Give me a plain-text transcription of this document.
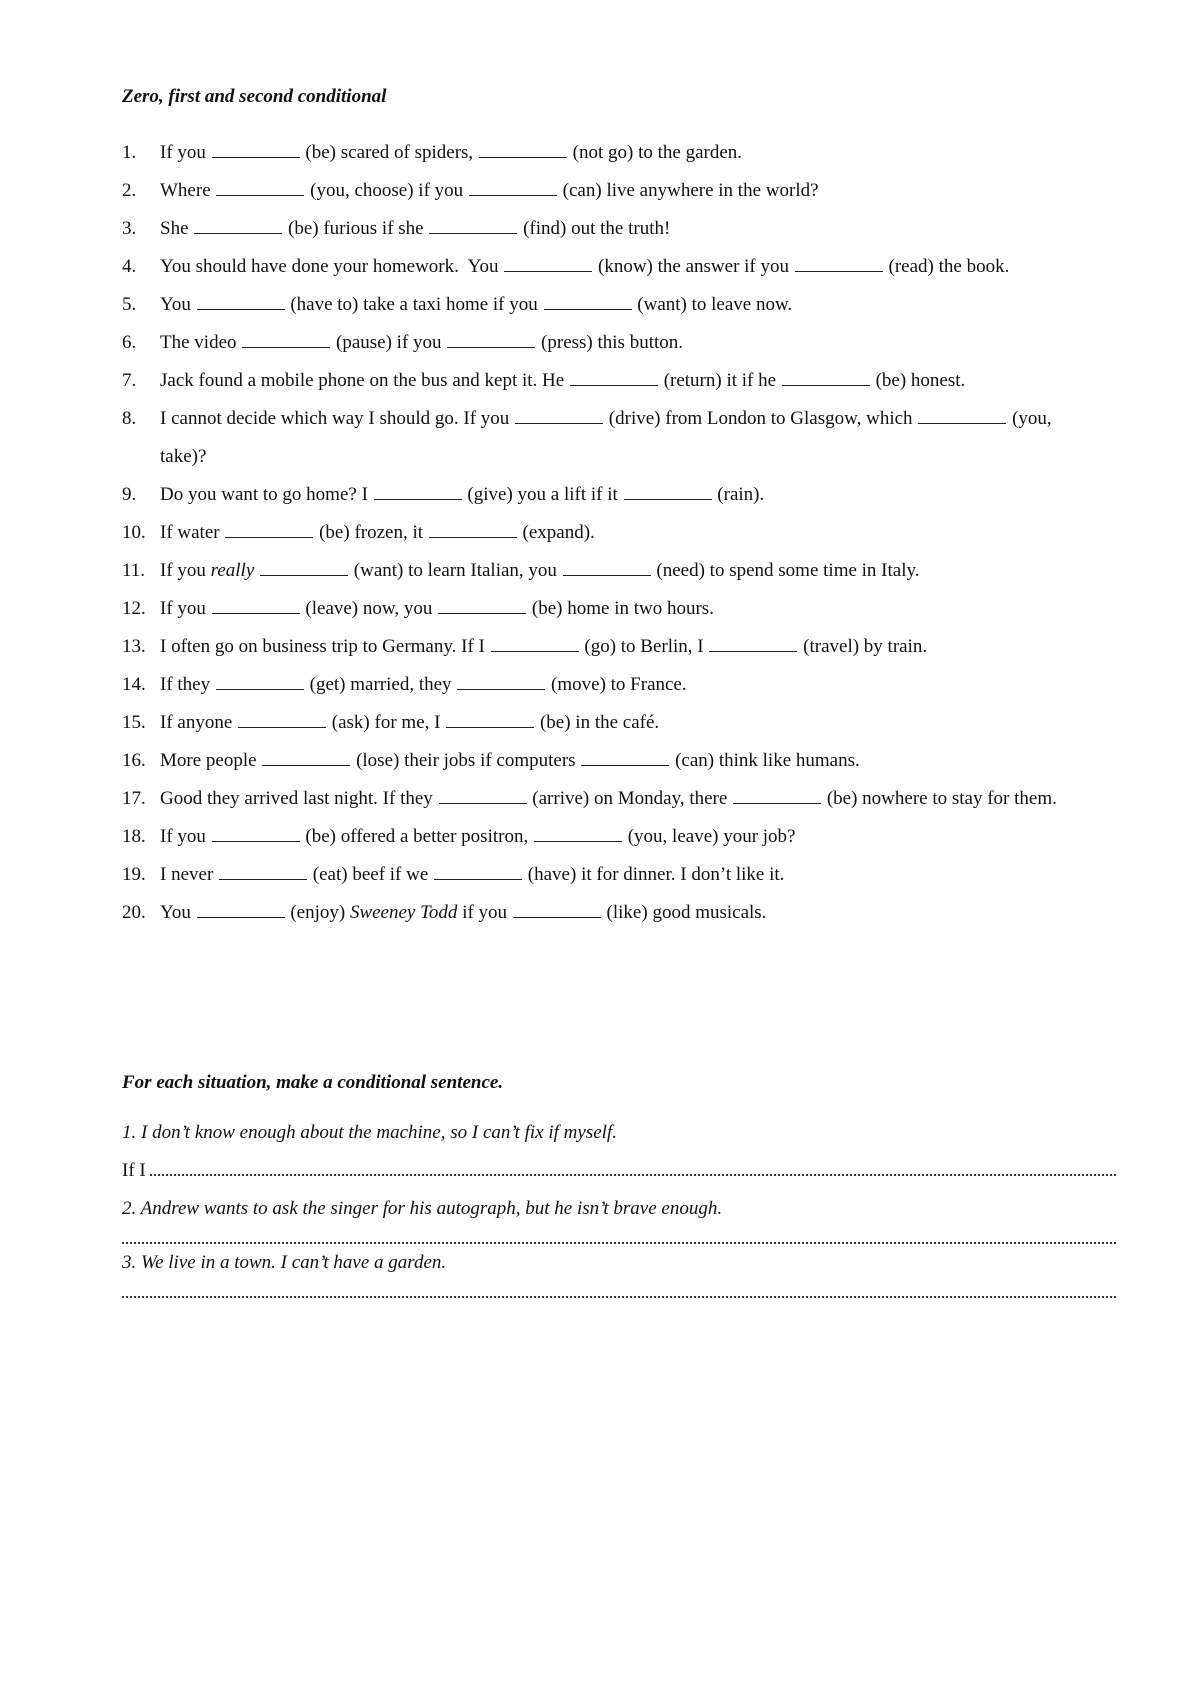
Zero, first and second conditional
1.	If you	(be) scared of spiders,	(not go) to the garden.
2.	Where	(you, choose) if you	(can) live anywhere in the world?
3.	She	(be) furious if she	(find) out the truth!
4.	You should have done your homework.  You	(know) the answer if you	(read) the book.
5.	You	(have to) take a taxi home if you	(want) to leave now.
6.	The video	(pause) if you	(press) this button.
7.	Jack found a mobile phone on the bus and kept it. He	(return) it if he	(be) honest.
8.	I cannot decide which way I should go. If you	(drive) from London to Glasgow, which	(you, take)?
9.	Do you want to go home? I	(give) you a lift if it	(rain).
10. If water	(be) frozen, it	(expand).
11. If you really	(want) to learn Italian, you	(need) to spend some time in Italy.
12. If you	(leave) now, you	(be) home in two hours.
13. I often go on business trip to Germany. If I	(go) to Berlin, I	(travel) by train.
14. If they	(get) married, they	(move) to France.
15. If anyone	(ask) for me, I	(be) in the café.
16. More people	(lose) their jobs if computers	(can) think like humans.
17. Good they arrived last night. If they	(arrive) on Monday, there	(be) nowhere to stay for them.
18. If you	(be) offered a better positron,	(you, leave) your job?
19. I never	(eat) beef if we	(have) it for dinner. I don’t like it.
20. You	(enjoy) Sweeney Todd if you	(like) good musicals.
For each situation, make a conditional sentence.
1. I don’t know enough about the machine, so I can’t fix if myself.
If I
2. Andrew wants to ask the singer for his autograph, but he isn’t brave enough.
3. We live in a town. I can’t have a garden.
